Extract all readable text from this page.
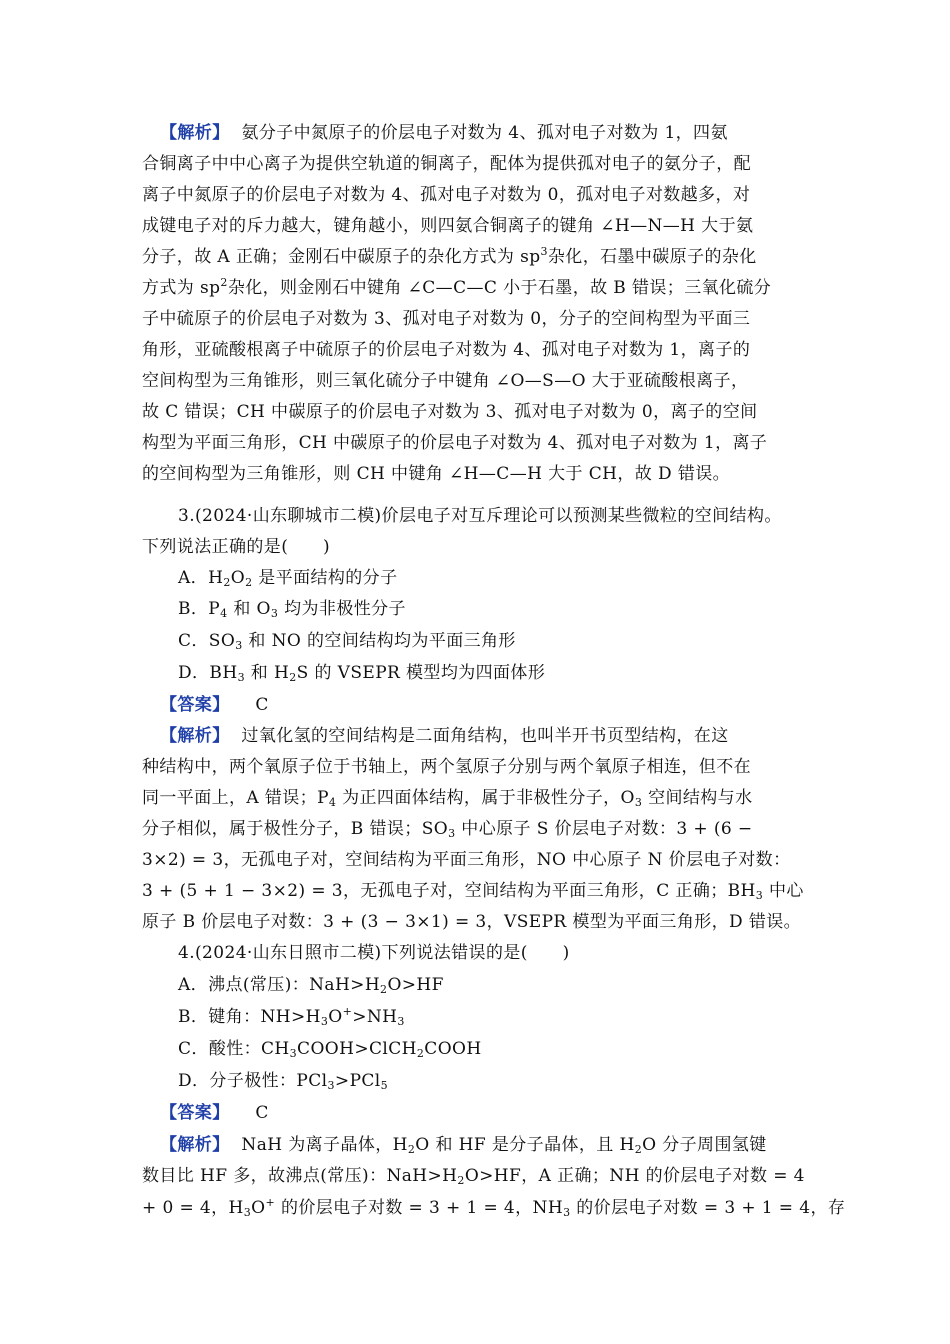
【解析】 氨分子中氮原子的价层电子对数为 4、孤对电子对数为 1，四氨
合铜离子中中心离子为提供空轨道的铜离子，配体为提供孤对电子的氨分子，配
离子中氮原子的价层电子对数为 4、孤对电子对数为 0，孤对电子对数越多，对
成键电子对的斥力越大，键角越小，则四氨合铜离子的键角 ∠H—N—H 大于氨
分子，故 A 正确；金刚石中碳原子的杂化方式为 $sp^3$杂化，石墨中碳原子的杂化
方式为 $sp^2$杂化，则金刚石中键角 ∠C—C—C 小于石墨，故 B 错误；三氧化硫分
子中硫原子的价层电子对数为 3、孤对电子对数为 0，分子的空间构型为平面三
角形，亚硫酸根离子中硫原子的价层电子对数为 4、孤对电子对数为 1，离子的
空间构型为三角锥形，则三氧化硫分子中键角 ∠O—S—O 大于亚硫酸根离子，
故 C 错误；CH 中碳原子的价层电子对数为 3、孤对电子对数为 0，离子的空间
构型为平面三角形，CH 中碳原子的价层电子对数为 4、孤对电子对数为 1，离子
的空间构型为三角锥形，则 CH 中键角 ∠H—C—H 大于 CH，故 D 错误。
3.(2024·山东聊城市二模)价层电子对互斥理论可以预测某些微粒的空间结构。
下列说法正确的是(　　)
A．$H_2O_2$ 是平面结构的分子
B．$P_4$ 和 $O_3$ 均为非极性分子
C．$SO_3$ 和 NO 的空间结构均为平面三角形
D．$BH_3$ 和 $H_2S$ 的 VSEPR 模型均为四面体形
【答案】 C
【解析】 过氧化氢的空间结构是二面角结构，也叫半开书页型结构，在这
种结构中，两个氧原子位于书轴上，两个氢原子分别与两个氧原子相连，但不在
同一平面上，A 错误；$P_4$ 为正四面体结构，属于非极性分子，$O_3$ 空间结构与水
分子相似，属于极性分子，B 错误；$SO_3$ 中心原子 S 价层电子对数：3 + (6 −
3×2) = 3，无孤电子对，空间结构为平面三角形，NO 中心原子 N 价层电子对数：
3 + (5 + 1 − 3×2) = 3，无孤电子对，空间结构为平面三角形，C 正确；$BH_3$ 中心
原子 B 价层电子对数：3 + (3 − 3×1) = 3，VSEPR 模型为平面三角形，D 错误。
4.(2024·山东日照市二模)下列说法错误的是(　　)
A．沸点(常压)：$NaH>H_2O>HF$
B．键角：$NH>H_3O^+>NH_3$
C．酸性：$CH_3COOH>ClCH_2COOH$
D．分子极性：PCl$_3$>PCl$_5$
【答案】 C
【解析】 NaH 为离子晶体，$H_2O$ 和 HF 是分子晶体，且 $H_2O$ 分子周围氢键
数目比 HF 多，故沸点(常压)：$NaH>H_2O>HF$，A 正确；NH 的价层电子对数 = 4
+ 0 = 4，$H_3O^+$ 的价层电子对数 = 3 + 1 = 4，$NH_3$ 的价层电子对数 = 3 + 1 = 4，存
